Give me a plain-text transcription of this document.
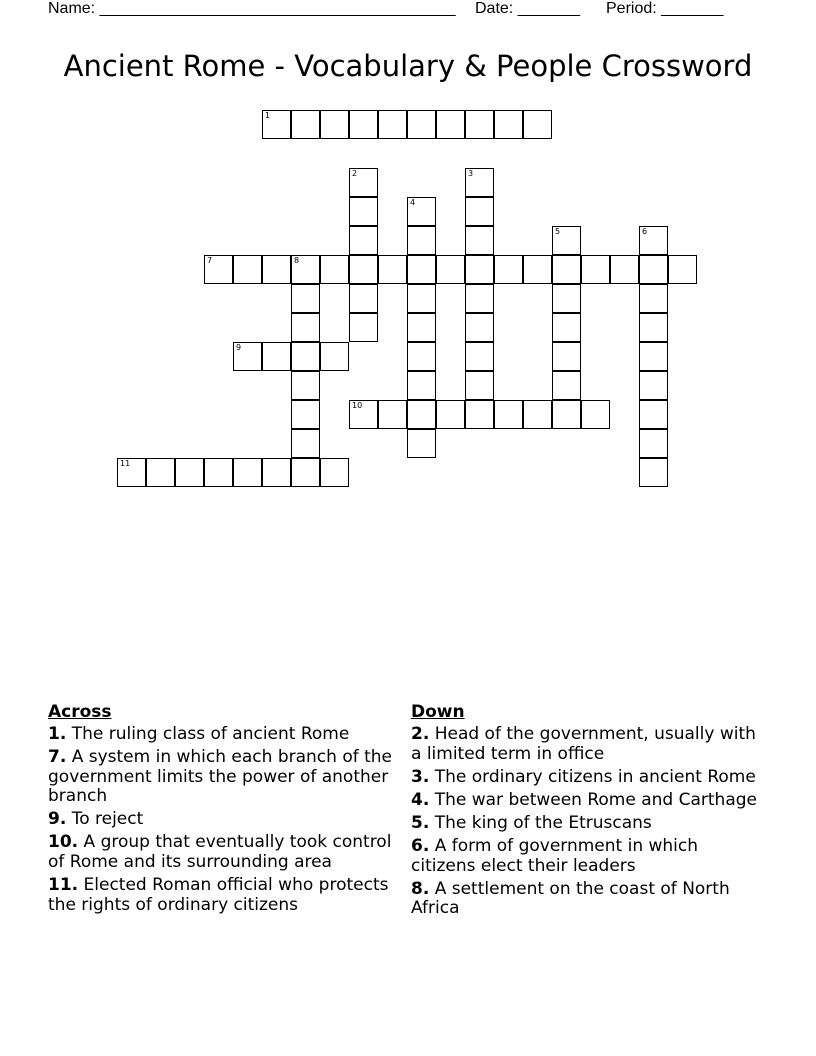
Name: ________________________________________ Date: _______ Period: _______
Ancient Rome - Vocabulary & People Crossword
1
2	3
4
5	6
7	8
9
10
11
Across
1. The ruling class of ancient Rome
7. A system in which each branch of the government limits the power of another branch
9. To reject
10. A group that eventually took control of Rome and its surrounding area
11. Elected Roman official who protects the rights of ordinary citizens
Down
2. Head of the government, usually with a limited term in office
3. The ordinary citizens in ancient Rome
4. The war between Rome and Carthage
5. The king of the Etruscans
6. A form of government in which citizens elect their leaders
8. A settlement on the coast of North Africa
